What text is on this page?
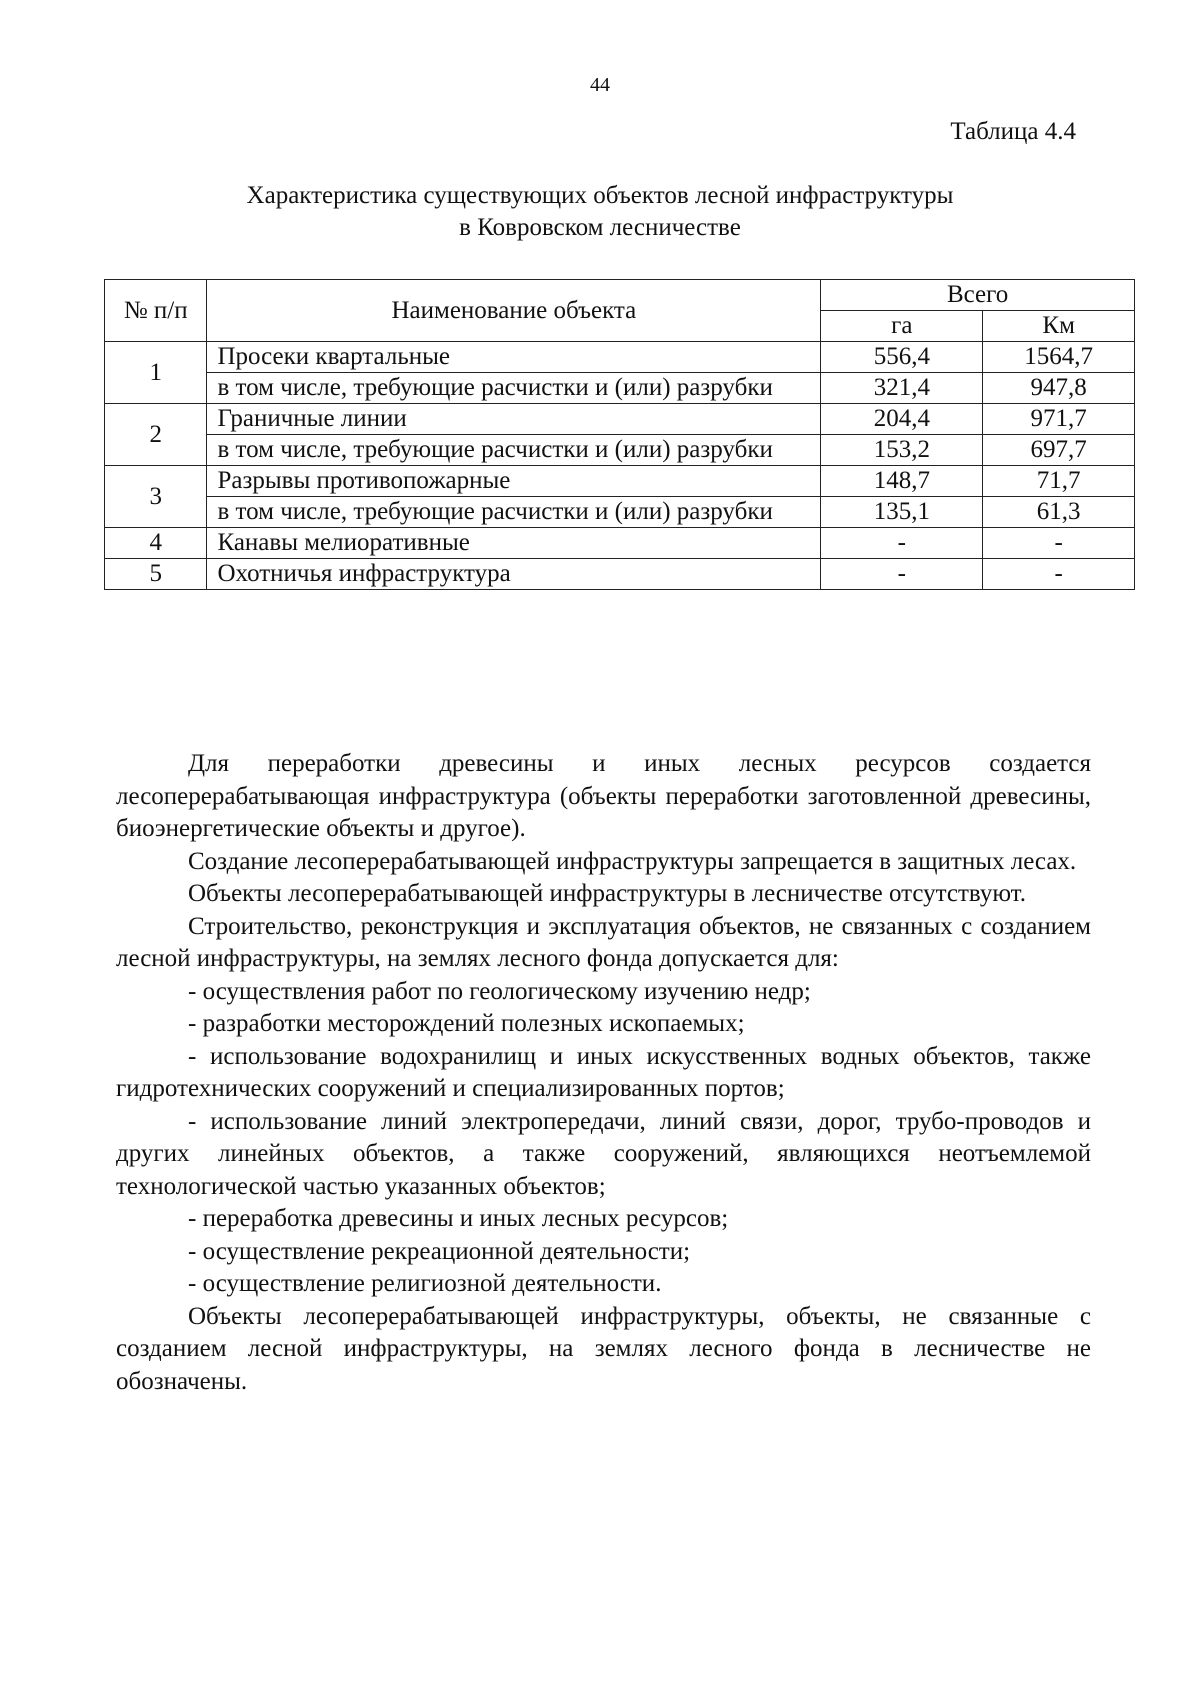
44
Таблица 4.4
Характеристика существующих объектов лесной инфраструктуры
в Ковровском лесничестве
№ п/п	Наименование объекта	Всего	
		га	Км
1	Просеки квартальные	556,4	1564,7
	в том числе, требующие расчистки и (или) разрубки	321,4	947,8
2	Граничные линии	204,4	971,7
	в том числе, требующие расчистки и (или) разрубки	153,2	697,7
3	Разрывы противопожарные	148,7	71,7
	в том числе, требующие расчистки и (или) разрубки	135,1	61,3
4	Канавы мелиоративные	-	-
5	Охотничья инфраструктура	-	-

Для переработки древесины и иных лесных ресурсов создается лесоперерабатывающая инфраструктура (объекты переработки заготовленной древесины, биоэнергетические объекты и другое).

Создание лесоперерабатывающей инфраструктуры запрещается в защитных лесах.

Объекты лесоперерабатывающей инфраструктуры в лесничестве отсутствуют.

Строительство, реконструкция и эксплуатация объектов, не связанных с созданием лесной инфраструктуры, на землях лесного фонда допускается для:

- осуществления работ по геологическому изучению недр;

- разработки месторождений полезных ископаемых;

- использование водохранилищ и иных искусственных водных объектов, также гидротехнических сооружений и специализированных портов;

- использование линий электропередачи, линий связи, дорог, трубо-проводов и других линейных объектов, а также сооружений, являющихся неотъемлемой технологической частью указанных объектов;

- переработка древесины и иных лесных ресурсов;

- осуществление рекреационной деятельности;

- осуществление религиозной деятельности.

Объекты лесоперерабатывающей инфраструктуры, объекты, не связанные с созданием лесной инфраструктуры, на землях лесного фонда в лесничестве не обозначены.
